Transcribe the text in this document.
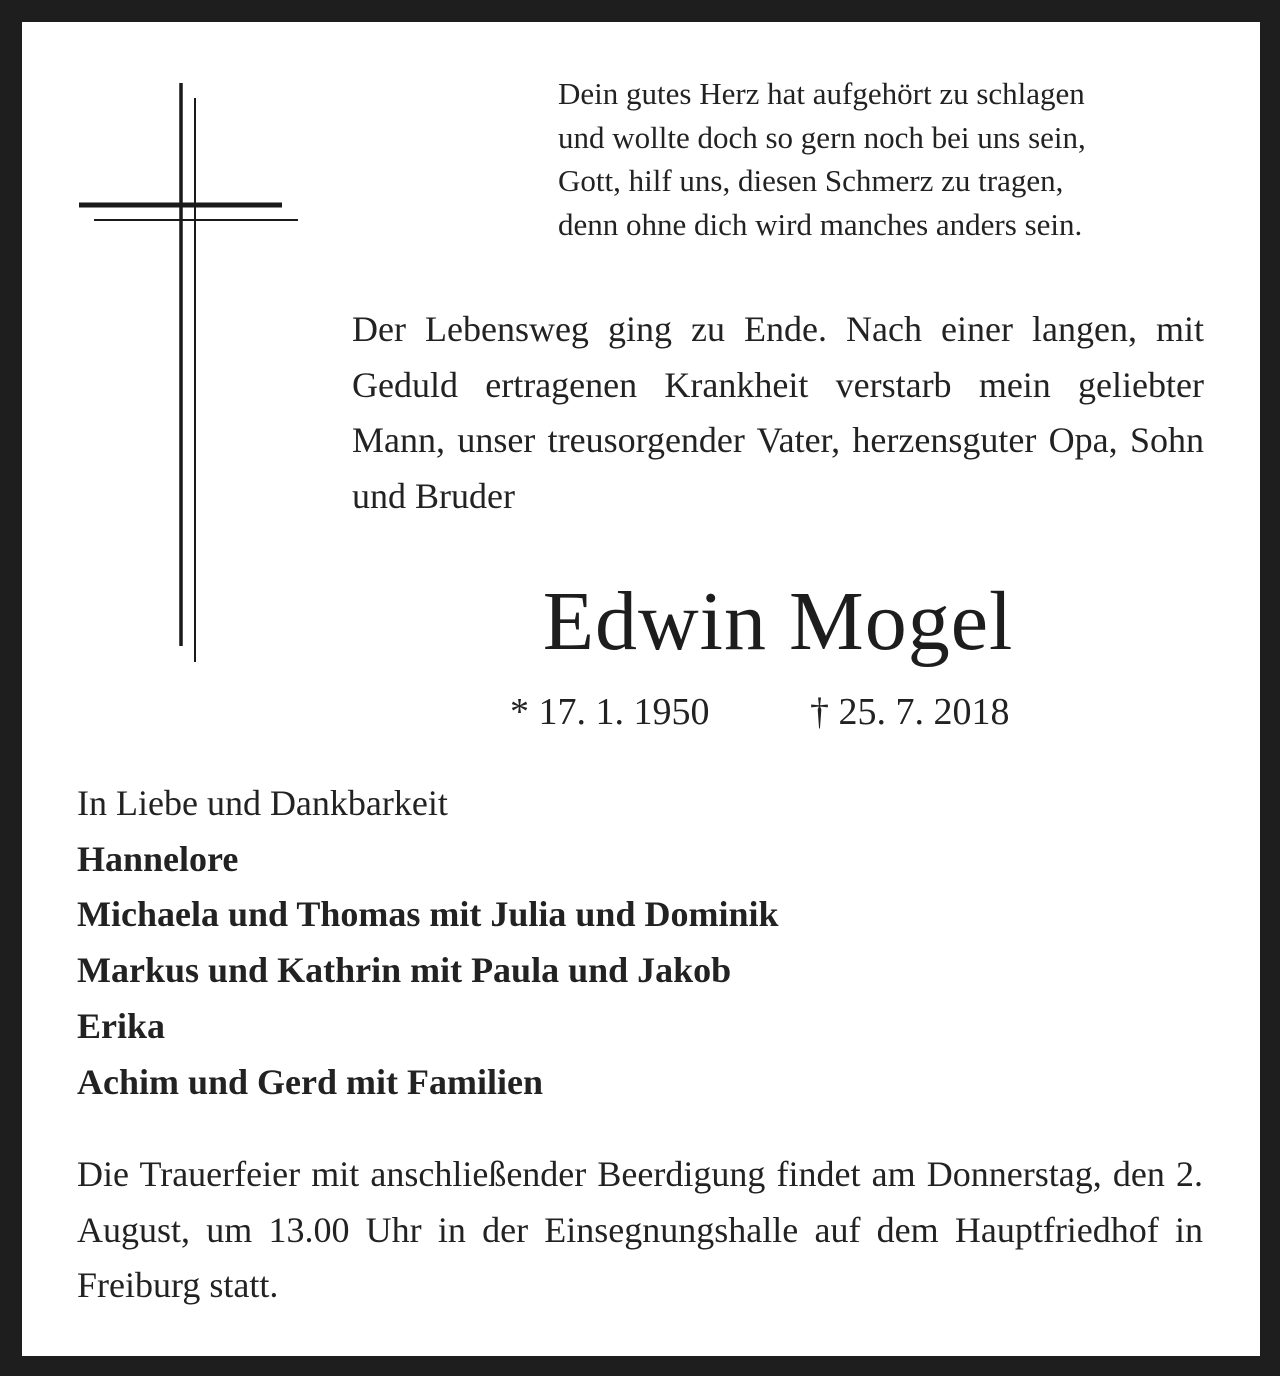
Dein gutes Herz hat aufgehört zu schlagen
und wollte doch so gern noch bei uns sein,
Gott, hilf uns, diesen Schmerz zu tragen,
denn ohne dich wird manches anders sein.
Der Lebensweg ging zu Ende. Nach einer langen, mit Geduld ertragenen Krankheit verstarb mein geliebter Mann, unser treusorgender Vater, herzensguter Opa, Sohn und Bruder
Edwin Mogel
* 17. 1. 1950	† 25. 7. 2018
In Liebe und Dankbarkeit
Hannelore
Michaela und Thomas mit Julia und Dominik
Markus und Kathrin mit Paula und Jakob
Erika
Achim und Gerd mit Familien
Die Trauerfeier mit anschließender Beerdigung findet am Donnerstag, den 2. August, um 13.00 Uhr in der Einsegnungshalle auf dem Hauptfriedhof in Freiburg statt.
